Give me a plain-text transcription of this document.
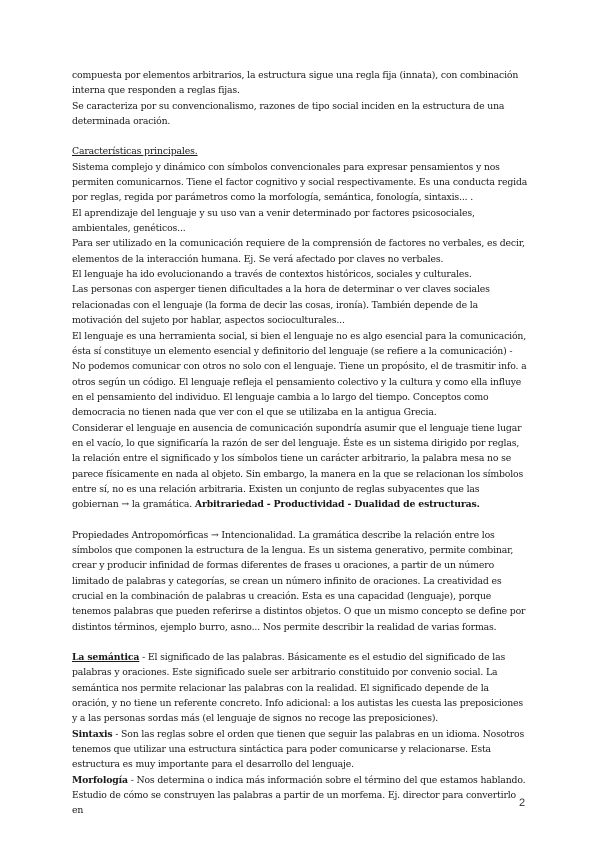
compuesta por elementos arbitrarios, la estructura sigue una regla fija (innata), con combinación interna que responden a reglas fijas.

Se caracteriza por su convencionalismo, razones de tipo social inciden en la estructura de una determinada oración.

Características principales.

Sistema complejo y dinámico con símbolos convencionales para expresar pensamientos y nos permiten comunicarnos. Tiene el factor cognitivo y social respectivamente. Es una conducta regida por reglas, regida por parámetros como la morfología, semántica, fonología, sintaxis... .

El aprendizaje del lenguaje y su uso van a venir determinado por factores psicosociales, ambientales, genéticos...

Para ser utilizado en la comunicación requiere de la comprensión de factores no verbales, es decir, elementos de la interacción humana. Ej. Se verá afectado por claves no verbales.

El lenguaje ha ido evolucionando a través de contextos históricos, sociales y culturales.

Las personas con asperger tienen dificultades a la hora de determinar o ver claves sociales relacionadas con el lenguaje (la forma de decir las cosas, ironía). También depende de la motivación del sujeto por hablar, aspectos socioculturales...

El lenguaje es una herramienta social, si bien el lenguaje no es algo esencial para la comunicación, ésta sí constituye un elemento esencial y definitorio del lenguaje (se refiere a la comunicación) - No podemos comunicar con otros no solo con el lenguaje. Tiene un propósito, el de trasmitir info. a otros según un código. El lenguaje refleja el pensamiento colectivo y la cultura y como ella influye en el pensamiento del individuo. El lenguaje cambia a lo largo del tiempo. Conceptos como democracia no tienen nada que ver con el que se utilizaba en la antigua Grecia.

Considerar el lenguaje en ausencia de comunicación supondría asumir que el lenguaje tiene lugar en el vacío, lo que significaría la razón de ser del lenguaje. Éste es un sistema dirigido por reglas, la relación entre el significado y los símbolos tiene un carácter arbitrario, la palabra mesa no se parece físicamente en nada al objeto. Sin embargo, la manera en la que se relacionan los símbolos entre sí, no es una relación arbitraria. Existen un conjunto de reglas subyacentes que las gobiernan → la gramática. Arbitrariedad - Productividad - Dualidad de estructuras.

Propiedades Antropomórficas → Intencionalidad. La gramática describe la relación entre los símbolos que componen la estructura de la lengua. Es un sistema generativo, permite combinar, crear y producir infinidad de formas diferentes de frases u oraciones, a partir de un número limitado de palabras y categorías, se crean un número infinito de oraciones. La creatividad es crucial en la combinación de palabras u creación. Esta es una capacidad (lenguaje), porque tenemos palabras que pueden referirse a distintos objetos. O que un mismo concepto se define por distintos términos, ejemplo burro, asno... Nos permite describir la realidad de varias formas.

La semántica - El significado de las palabras. Básicamente es el estudio del significado de las palabras y oraciones. Este significado suele ser arbitrario constituido por convenio social. La semántica nos permite relacionar las palabras con la realidad. El significado depende de la oración, y no tiene un referente concreto. Info adicional: a los autistas les cuesta las preposiciones y a las personas sordas más (el lenguaje de signos no recoge las preposiciones).

Sintaxis - Son las reglas sobre el orden que tienen que seguir las palabras en un idioma. Nosotros tenemos que utilizar una estructura sintáctica para poder comunicarse y relacionarse. Esta estructura es muy importante para el desarrollo del lenguaje.

Morfología - Nos determina o indica más información sobre el término del que estamos hablando. Estudio de cómo se construyen las palabras a partir de un morfema. Ej. director para convertirlo en

2
